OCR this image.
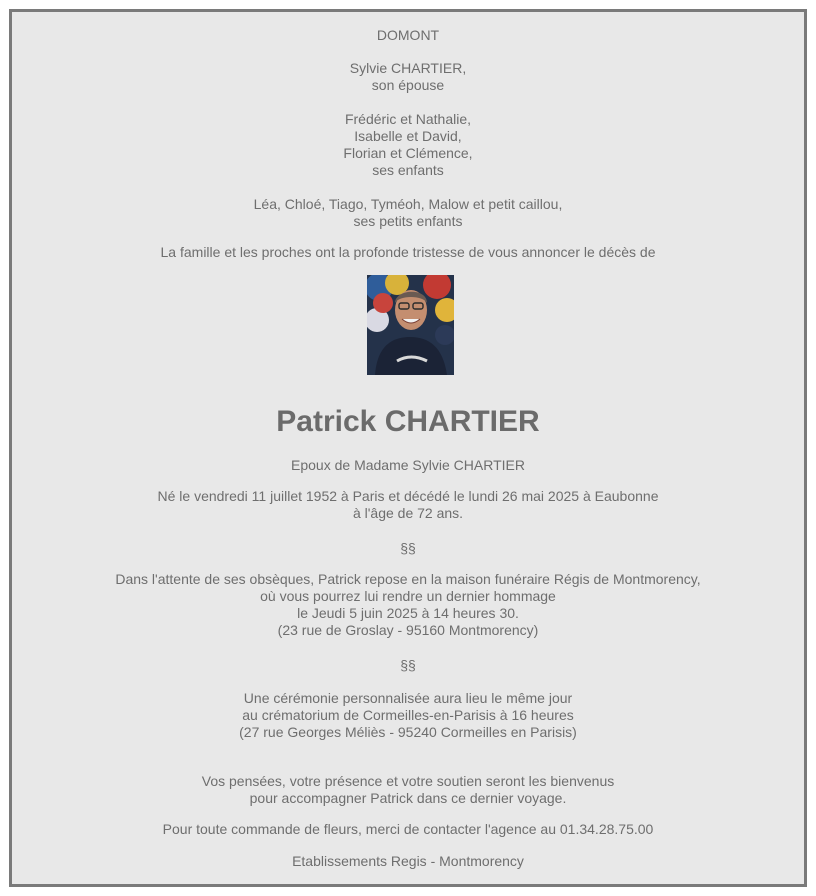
DOMONT
Sylvie CHARTIER,
son épouse
Frédéric et Nathalie,
Isabelle et David,
Florian et Clémence,
ses enfants
Léa, Chloé, Tiago, Tyméoh, Malow et petit caillou,
ses petits enfants
La famille et les proches ont la profonde tristesse de vous annoncer le décès de
Patrick CHARTIER
Epoux de Madame Sylvie CHARTIER
Né le vendredi 11 juillet 1952 à Paris et décédé le lundi 26 mai 2025 à Eaubonne
à l'âge de 72 ans.
§§
Dans l'attente de ses obsèques, Patrick repose en la maison funéraire Régis de Montmorency,
où vous pourrez lui rendre un dernier hommage
le Jeudi 5 juin 2025 à 14 heures 30.
(23 rue de Groslay - 95160 Montmorency)
§§
Une cérémonie personnalisée aura lieu le même jour
au crématorium de Cormeilles-en-Parisis à 16 heures
(27 rue Georges Méliès - 95240 Cormeilles en Parisis)
Vos pensées, votre présence et votre soutien seront les bienvenus
pour accompagner Patrick dans ce dernier voyage.
Pour toute commande de fleurs, merci de contacter l'agence au 01.34.28.75.00
Etablissements Regis - Montmorency
